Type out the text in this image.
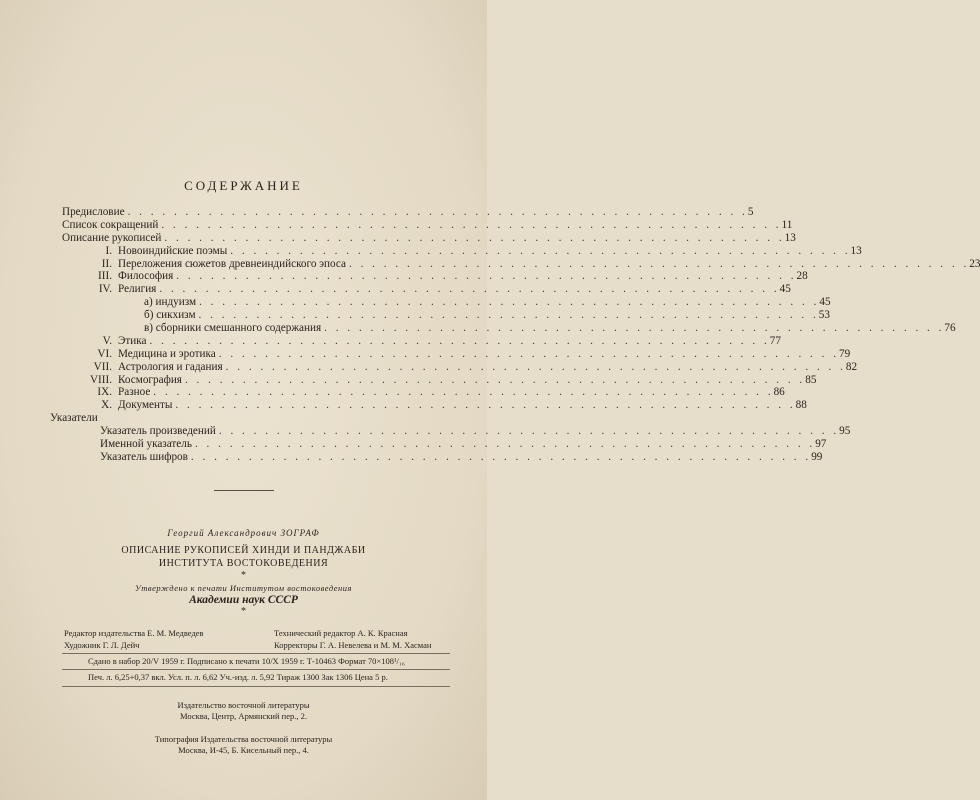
СОДЕРЖАНИЕ
Предисловие . . . . . . . . . . . . . . . . . . . . . . . . . . . . . . . . . . . . . . . . . . . . . . . . . . . . . . 5
Список сокращений . . . . . . . . . . . . . . . . . . . . . . . . . . . . . . . . . . . . . . . . . . . . . . . . . . . . . . 11
Описание рукописей . . . . . . . . . . . . . . . . . . . . . . . . . . . . . . . . . . . . . . . . . . . . . . . . . . . . . . 13
I. Новоиндийские поэмы . . . . . . . . . . . . . . . . . . . . . . . . . . . . . . . . . . . . . . . . . . . . . . . . . . . . . . 13
II. Переложения сюжетов древнеиндийского эпоса . . . . . . . . . . . . . . . . . . . . . . . . . . . . . . . . . . . . . . . . . . . . . . . . . . . . . . 23
III. Философия . . . . . . . . . . . . . . . . . . . . . . . . . . . . . . . . . . . . . . . . . . . . . . . . . . . . . . 28
IV. Религия . . . . . . . . . . . . . . . . . . . . . . . . . . . . . . . . . . . . . . . . . . . . . . . . . . . . . . 45
а) индуизм . . . . . . . . . . . . . . . . . . . . . . . . . . . . . . . . . . . . . . . . . . . . . . . . . . . . . . 45
б) сикхизм . . . . . . . . . . . . . . . . . . . . . . . . . . . . . . . . . . . . . . . . . . . . . . . . . . . . . . 53
в) сборники смешанного содержания . . . . . . . . . . . . . . . . . . . . . . . . . . . . . . . . . . . . . . . . . . . . . . . . . . . . . . 76
V. Этика . . . . . . . . . . . . . . . . . . . . . . . . . . . . . . . . . . . . . . . . . . . . . . . . . . . . . . 77
VI. Медицина и эротика . . . . . . . . . . . . . . . . . . . . . . . . . . . . . . . . . . . . . . . . . . . . . . . . . . . . . . 79
VII. Астрология и гадания . . . . . . . . . . . . . . . . . . . . . . . . . . . . . . . . . . . . . . . . . . . . . . . . . . . . . . 82
VIII. Космография . . . . . . . . . . . . . . . . . . . . . . . . . . . . . . . . . . . . . . . . . . . . . . . . . . . . . . 85
IX. Разное . . . . . . . . . . . . . . . . . . . . . . . . . . . . . . . . . . . . . . . . . . . . . . . . . . . . . . 86
X. Документы . . . . . . . . . . . . . . . . . . . . . . . . . . . . . . . . . . . . . . . . . . . . . . . . . . . . . . 88
Указатели
Указатель произведений . . . . . . . . . . . . . . . . . . . . . . . . . . . . . . . . . . . . . . . . . . . . . . . . . . . . . . 95
Именной указатель . . . . . . . . . . . . . . . . . . . . . . . . . . . . . . . . . . . . . . . . . . . . . . . . . . . . . . 97
Указатель шифров . . . . . . . . . . . . . . . . . . . . . . . . . . . . . . . . . . . . . . . . . . . . . . . . . . . . . . 99
Георгий Александрович ЗОГРАФ
ОПИСАНИЕ РУКОПИСЕЙ ХИНДИ И ПАНДЖАБИ
ИНСТИТУТА ВОСТОКОВЕДЕНИЯ
*
Утверждено к печати Институтом востоковедения
Академии наук СССР
*
Редактор издательства Е. М. Медведев	Технический редактор А. К. Красная
Художник Г. Л. Дейч	Корректоры Г. А. Невелева и М. М. Хасман
Сдано в набор 20/V 1959 г. Подписано к печати 10/X 1959 г. Т-10463 Формат 70×108¹/₁₆
Печ. л. 6,25+0,37 вкл. Усл. п. л. 6,62 Уч.-изд. л. 5,92 Тираж 1300 Зак 1306 Цена 5 р.
Издательство восточной литературы
Москва, Центр, Армянский пер., 2.
Типография Издательства восточной литературы
Москва, И-45, Б. Кисельный пер., 4.
